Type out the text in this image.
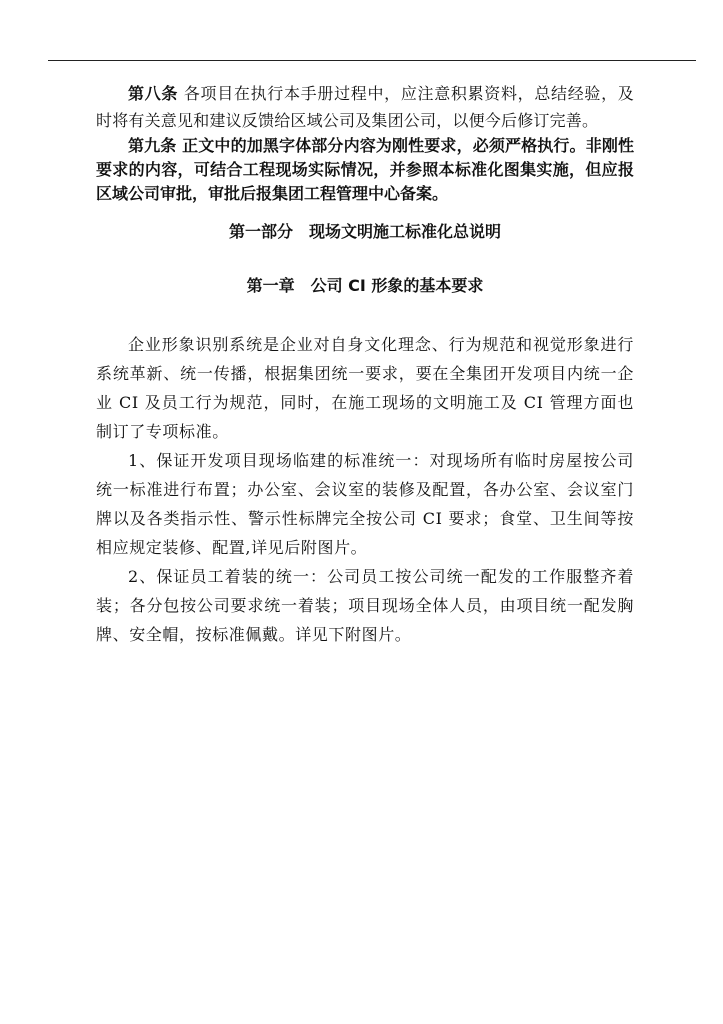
第八条 各项目在执行本手册过程中，应注意积累资料，总结经验，及时将有关意见和建议反馈给区域公司及集团公司，以便今后修订完善。

第九条 正文中的加黑字体部分内容为刚性要求，必须严格执行。非刚性要求的内容，可结合工程现场实际情况，并参照本标准化图集实施，但应报区域公司审批，审批后报集团工程管理中心备案。

第一部分　现场文明施工标准化总说明
第一章　公司 CI 形象的基本要求

企业形象识别系统是企业对自身文化理念、行为规范和视觉形象进行系统革新、统一传播，根据集团统一要求，要在全集团开发项目内统一企业 CI 及员工行为规范，同时，在施工现场的文明施工及 CI 管理方面也制订了专项标准。

1、保证开发项目现场临建的标准统一：对现场所有临时房屋按公司统一标准进行布置；办公室、会议室的装修及配置，各办公室、会议室门牌以及各类指示性、警示性标牌完全按公司 CI 要求；食堂、卫生间等按相应规定装修、配置,详见后附图片。

2、保证员工着装的统一：公司员工按公司统一配发的工作服整齐着装；各分包按公司要求统一着装；项目现场全体人员，由项目统一配发胸牌、安全帽，按标准佩戴。详见下附图片。
